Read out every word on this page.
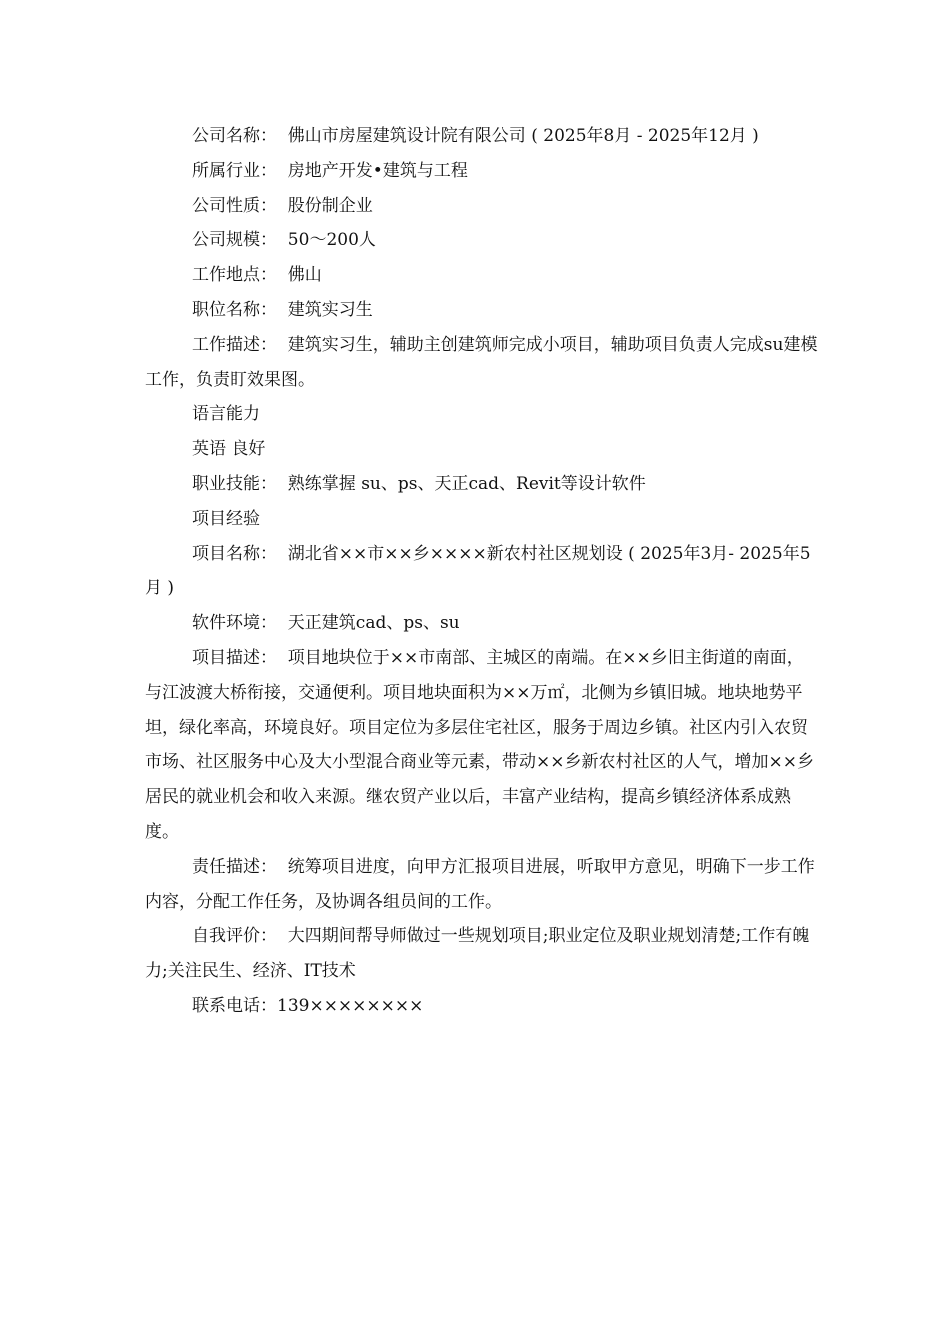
公司名称：  佛山市房屋建筑设计院有限公司 ( 2025年8月 - 2025年12月 )

所属行业：  房地产开发•建筑与工程

公司性质：  股份制企业

公司规模：  50～200人

工作地点：  佛山

职位名称：  建筑实习生

工作描述：  建筑实习生，辅助主创建筑师完成小项目，辅助项目负责人完成su建模工作，负责盯效果图。

语言能力

英语 良好

职业技能：  熟练掌握 su、ps、天正cad、Revit等设计软件

项目经验

项目名称：  湖北省××市××乡××××新农村社区规划设 ( 2025年3月- 2025年5月 )

软件环境：  天正建筑cad、ps、su

项目描述：  项目地块位于××市南部、主城区的南端。在××乡旧主街道的南面，与江波渡大桥衔接，交通便利。项目地块面积为××万㎡，北侧为乡镇旧城。地块地势平坦，绿化率高，环境良好。项目定位为多层住宅社区，服务于周边乡镇。社区内引入农贸市场、社区服务中心及大小型混合商业等元素，带动××乡新农村社区的人气，增加××乡居民的就业机会和收入来源。继农贸产业以后，丰富产业结构，提高乡镇经济体系成熟度。

责任描述：  统筹项目进度，向甲方汇报项目进展，听取甲方意见，明确下一步工作内容，分配工作任务，及协调各组员间的工作。

自我评价：  大四期间帮导师做过一些规划项目;职业定位及职业规划清楚;工作有魄力;关注民生、经济、IT技术

联系电话：139××××××××
